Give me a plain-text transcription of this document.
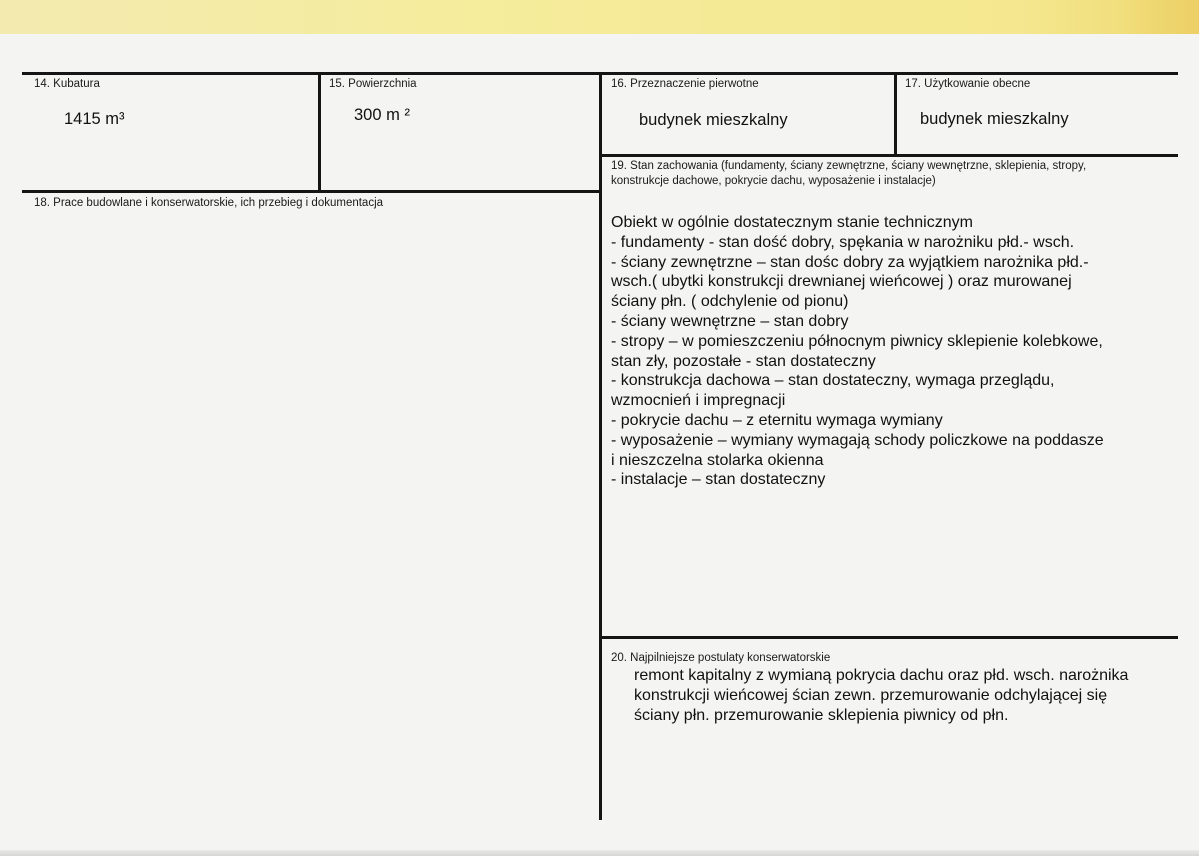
14. Kubatura
1415 m³
15. Powierzchnia
300 m ²
16. Przeznaczenie pierwotne
budynek mieszkalny
17. Użytkowanie obecne
budynek mieszkalny
18. Prace budowlane i konserwatorskie, ich przebieg i dokumentacja
19. Stan zachowania (fundamenty, ściany zewnętrzne, ściany wewnętrzne, sklepienia, stropy,
konstrukcje dachowe, pokrycie dachu, wyposażenie i instalacje)
Obiekt w ogólnie dostatecznym stanie technicznym
- fundamenty - stan dość dobry, spękania w narożniku płd.- wsch.
- ściany zewnętrzne – stan dośc dobry za wyjątkiem narożnika płd.-
wsch.( ubytki konstrukcji drewnianej wieńcowej ) oraz murowanej
ściany płn. ( odchylenie od pionu)
- ściany wewnętrzne – stan dobry
- stropy – w pomieszczeniu północnym piwnicy sklepienie kolebkowe,
stan zły, pozostałe - stan dostateczny
- konstrukcja dachowa – stan dostateczny, wymaga przeglądu,
wzmocnień i impregnacji
- pokrycie dachu – z eternitu wymaga wymiany
- wyposażenie – wymiany wymagają schody policzkowe na poddasze
i nieszczelna stolarka okienna
- instalacje – stan dostateczny
20. Najpilniejsze postulaty konserwatorskie
remont kapitalny z wymianą pokrycia dachu oraz płd. wsch. narożnika
konstrukcji wieńcowej ścian zewn. przemurowanie odchylającej się
ściany płn. przemurowanie sklepienia piwnicy od płn.
